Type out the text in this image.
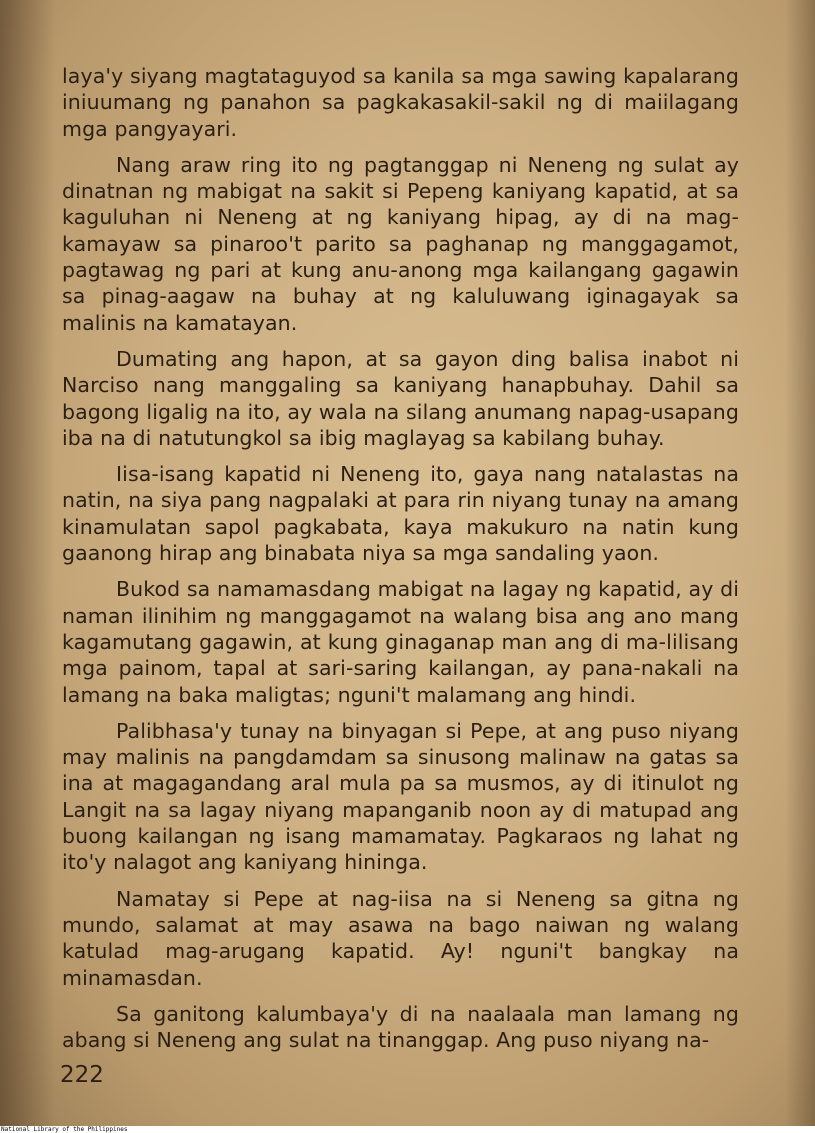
laya'y siyang magtataguyod sa kanila sa mga sawing kapalarang iniuumang ng panahon sa pagkakasakil-sakil ng di maiilagang mga pangyayari.

Nang araw ring ito ng pagtanggap ni Neneng ng sulat ay dinatnan ng mabigat na sakit si Pepeng kaniyang kapatid, at sa kaguluhan ni Neneng at ng kaniyang hipag, ay di na mag-kamayaw sa pinaroo't parito sa paghanap ng manggagamot, pagtawag ng pari at kung anu-anong mga kailangang gagawin sa pinag-aagaw na buhay at ng kaluluwang iginagayak sa malinis na kamatayan.

Dumating ang hapon, at sa gayon ding balisa inabot ni Narciso nang manggaling sa kaniyang hanapbuhay. Dahil sa bagong ligalig na ito, ay wala na silang anumang napag-usapang iba na di natutungkol sa ibig maglayag sa kabilang buhay.

Iisa-isang kapatid ni Neneng ito, gaya nang natalastas na natin, na siya pang nagpalaki at para rin niyang tunay na amang kinamulatan sapol pagkabata, kaya makukuro na natin kung gaanong hirap ang binabata niya sa mga sandaling yaon.

Bukod sa namamasdang mabigat na lagay ng kapatid, ay di naman ilinihim ng manggagamot na walang bisa ang ano mang kagamutang gagawin, at kung ginaganap man ang di ma-lilisang mga painom, tapal at sari-saring kailangan, ay pana-nakali na lamang na baka maligtas; nguni't malamang ang hindi.

Palibhasa'y tunay na binyagan si Pepe, at ang puso niyang may malinis na pangdamdam sa sinusong malinaw na gatas sa ina at magagandang aral mula pa sa musmos, ay di itinulot ng Langit na sa lagay niyang mapanganib noon ay di matupad ang buong kailangan ng isang mamamatay. Pagkaraos ng lahat ng ito'y nalagot ang kaniyang hininga.

Namatay si Pepe at nag-iisa na si Neneng sa gitna ng mundo, salamat at may asawa na bago naiwan ng walang katulad mag-arugang kapatid. Ay! nguni't bangkay na minamasdan.

Sa ganitong kalumbaya'y di na naalaala man lamang ng abang si Neneng ang sulat na tinanggap. Ang puso niyang na-

222
National Library of the Philippines
